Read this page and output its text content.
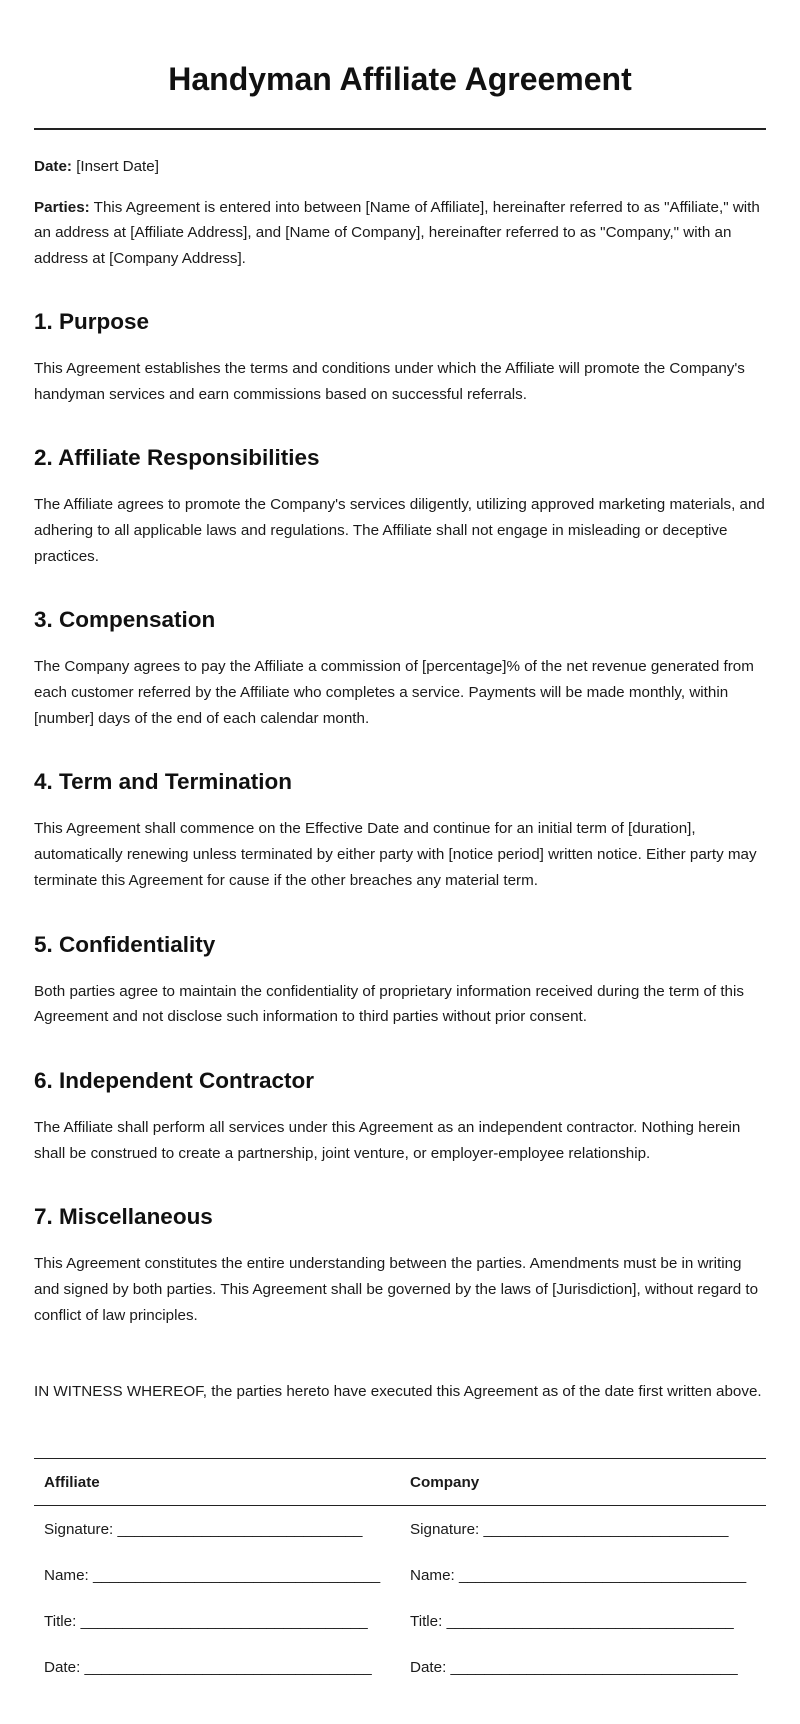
Handyman Affiliate Agreement

Date: [Insert Date]

Parties: This Agreement is entered into between [Name of Affiliate], hereinafter referred to as "Affiliate," with an address at [Affiliate Address], and [Name of Company], hereinafter referred to as "Company," with an address at [Company Address].

1. Purpose

This Agreement establishes the terms and conditions under which the Affiliate will promote the Company's handyman services and earn commissions based on successful referrals.

2. Affiliate Responsibilities

The Affiliate agrees to promote the Company's services diligently, utilizing approved marketing materials, and adhering to all applicable laws and regulations. The Affiliate shall not engage in misleading or deceptive practices.

3. Compensation

The Company agrees to pay the Affiliate a commission of [percentage]% of the net revenue generated from each customer referred by the Affiliate who completes a service. Payments will be made monthly, within [number] days of the end of each calendar month.

4. Term and Termination

This Agreement shall commence on the Effective Date and continue for an initial term of [duration], automatically renewing unless terminated by either party with [notice period] written notice. Either party may terminate this Agreement for cause if the other breaches any material term.

5. Confidentiality

Both parties agree to maintain the confidentiality of proprietary information received during the term of this Agreement and not disclose such information to third parties without prior consent.

6. Independent Contractor

The Affiliate shall perform all services under this Agreement as an independent contractor. Nothing herein shall be construed to create a partnership, joint venture, or employer-employee relationship.

7. Miscellaneous

This Agreement constitutes the entire understanding between the parties. Amendments must be in writing and signed by both parties. This Agreement shall be governed by the laws of [Jurisdiction], without regard to conflict of law principles.

IN WITNESS WHEREOF, the parties hereto have executed this Agreement as of the date first written above.

Affiliate	Company
Signature: _____________________________	Signature: _____________________________
Name: __________________________________	Name: __________________________________
Title: __________________________________	Title: __________________________________
Date: __________________________________	Date: __________________________________
